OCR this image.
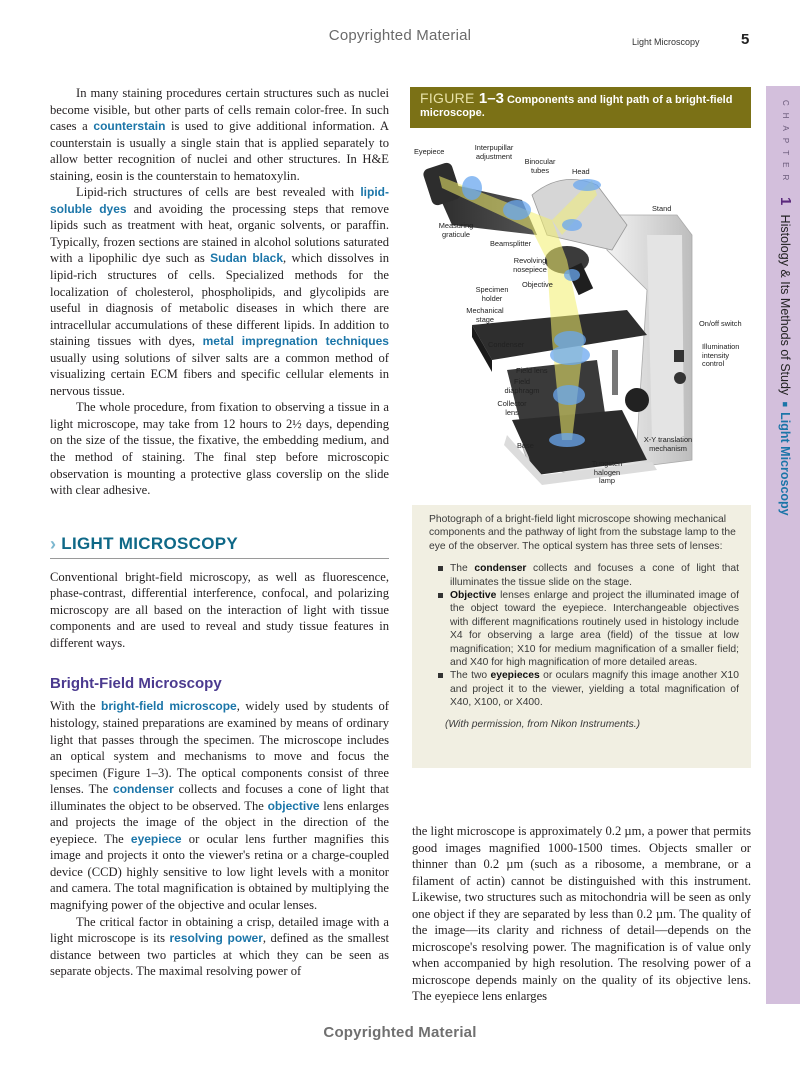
Copyrighted Material	Light Microscopy	5

In many staining procedures certain structures such as nuclei become visible, but other parts of cells remain color-free. In such cases a counterstain is used to give additional information. A counterstain is usually a single stain that is applied separately to allow better recognition of nuclei and other structures. In H&E staining, eosin is the counterstain to hematoxylin.

Lipid-rich structures of cells are best revealed with lipid-soluble dyes and avoiding the processing steps that remove lipids such as treatment with heat, organic solvents, or paraffin. Typically, frozen sections are stained in alcohol solutions saturated with a lipophilic dye such as Sudan black, which dissolves in lipid-rich structures of cells. Specialized methods for the localization of cholesterol, phospholipids, and glycolipids are useful in diagnosis of metabolic diseases in which there are intracellular accumulations of these different lipids. In addition to staining tissues with dyes, metal impregnation techniques usually using solutions of silver salts are a common method of visualizing certain ECM fibers and specific cellular elements in nervous tissue.

The whole procedure, from fixation to observing a tissue in a light microscope, may take from 12 hours to 2½ days, depending on the size of the tissue, the fixative, the embedding medium, and the method of staining. The final step before microscopic observation is mounting a protective glass coverslip on the slide with clear adhesive.

› LIGHT MICROSCOPY

Conventional bright-field microscopy, as well as fluorescence, phase-contrast, differential interference, confocal, and polarizing microscopy are all based on the interaction of light with tissue components and are used to reveal and study tissue features in different ways.

Bright-Field Microscopy

With the bright-field microscope, widely used by students of histology, stained preparations are examined by means of ordinary light that passes through the specimen. The microscope includes an optical system and mechanisms to move and focus the specimen (Figure 1–3). The optical components consist of three lenses. The condenser collects and focuses a cone of light that illuminates the object to be observed. The objective lens enlarges and projects the image of the object in the direction of the eyepiece. The eyepiece or ocular lens further magnifies this image and projects it onto the viewer's retina or a charge-coupled device (CCD) highly sensitive to low light levels with a monitor and camera. The total magnification is obtained by multiplying the magnifying power of the objective and ocular lenses.

The critical factor in obtaining a crisp, detailed image with a light microscope is its resolving power, defined as the smallest distance between two particles at which they can be seen as separate objects. The maximal resolving power of

FIGURE 1–3 Components and light path of a bright-field microscope.
Eyepiece	Interpupillar adjustment
Binocular tubes	Head
Stand
Measuring graticule
Beamsplitter
Revolving nosepiece
Objective
Specimen holder
Mechanical stage	On/off switch
Illumination intensity control
Condenser
Field lens
Field diaphragm
Collector lens
Base
X-Y translation mechanism
Tungsten halogen lamp

Photograph of a bright-field light microscope showing mechanical components and the pathway of light from the substage lamp to the eye of the observer. The optical system has three sets of lenses:

The condenser collects and focuses a cone of light that illuminates the tissue slide on the stage.
Objective lenses enlarge and project the illuminated image of the object toward the eyepiece. Interchangeable objectives with different magnifications routinely used in histology include X4 for observing a large area (field) of the tissue at low magnification; X10 for medium magnification of a smaller field; and X40 for high magnification of more detailed areas.
The two eyepieces or oculars magnify this image another X10 and project it to the viewer, yielding a total magnification of X40, X100, or X400.

(With permission, from Nikon Instruments.)

the light microscope is approximately 0.2 µm, a power that permits good images magnified 1000-1500 times. Objects smaller or thinner than 0.2 µm (such as a ribosome, a membrane, or a filament of actin) cannot be distinguished with this instrument. Likewise, two structures such as mitochondria will be seen as only one object if they are separated by less than 0.2 µm. The quality of the image—its clarity and richness of detail—depends on the microscope's resolving power. The magnification is of value only when accompanied by high resolution. The resolving power of a microscope depends mainly on the quality of its objective lens. The eyepiece lens enlarges

CHAPTER 1 Histology & Its Methods of Study ■ Light Microscopy
Copyrighted Material
